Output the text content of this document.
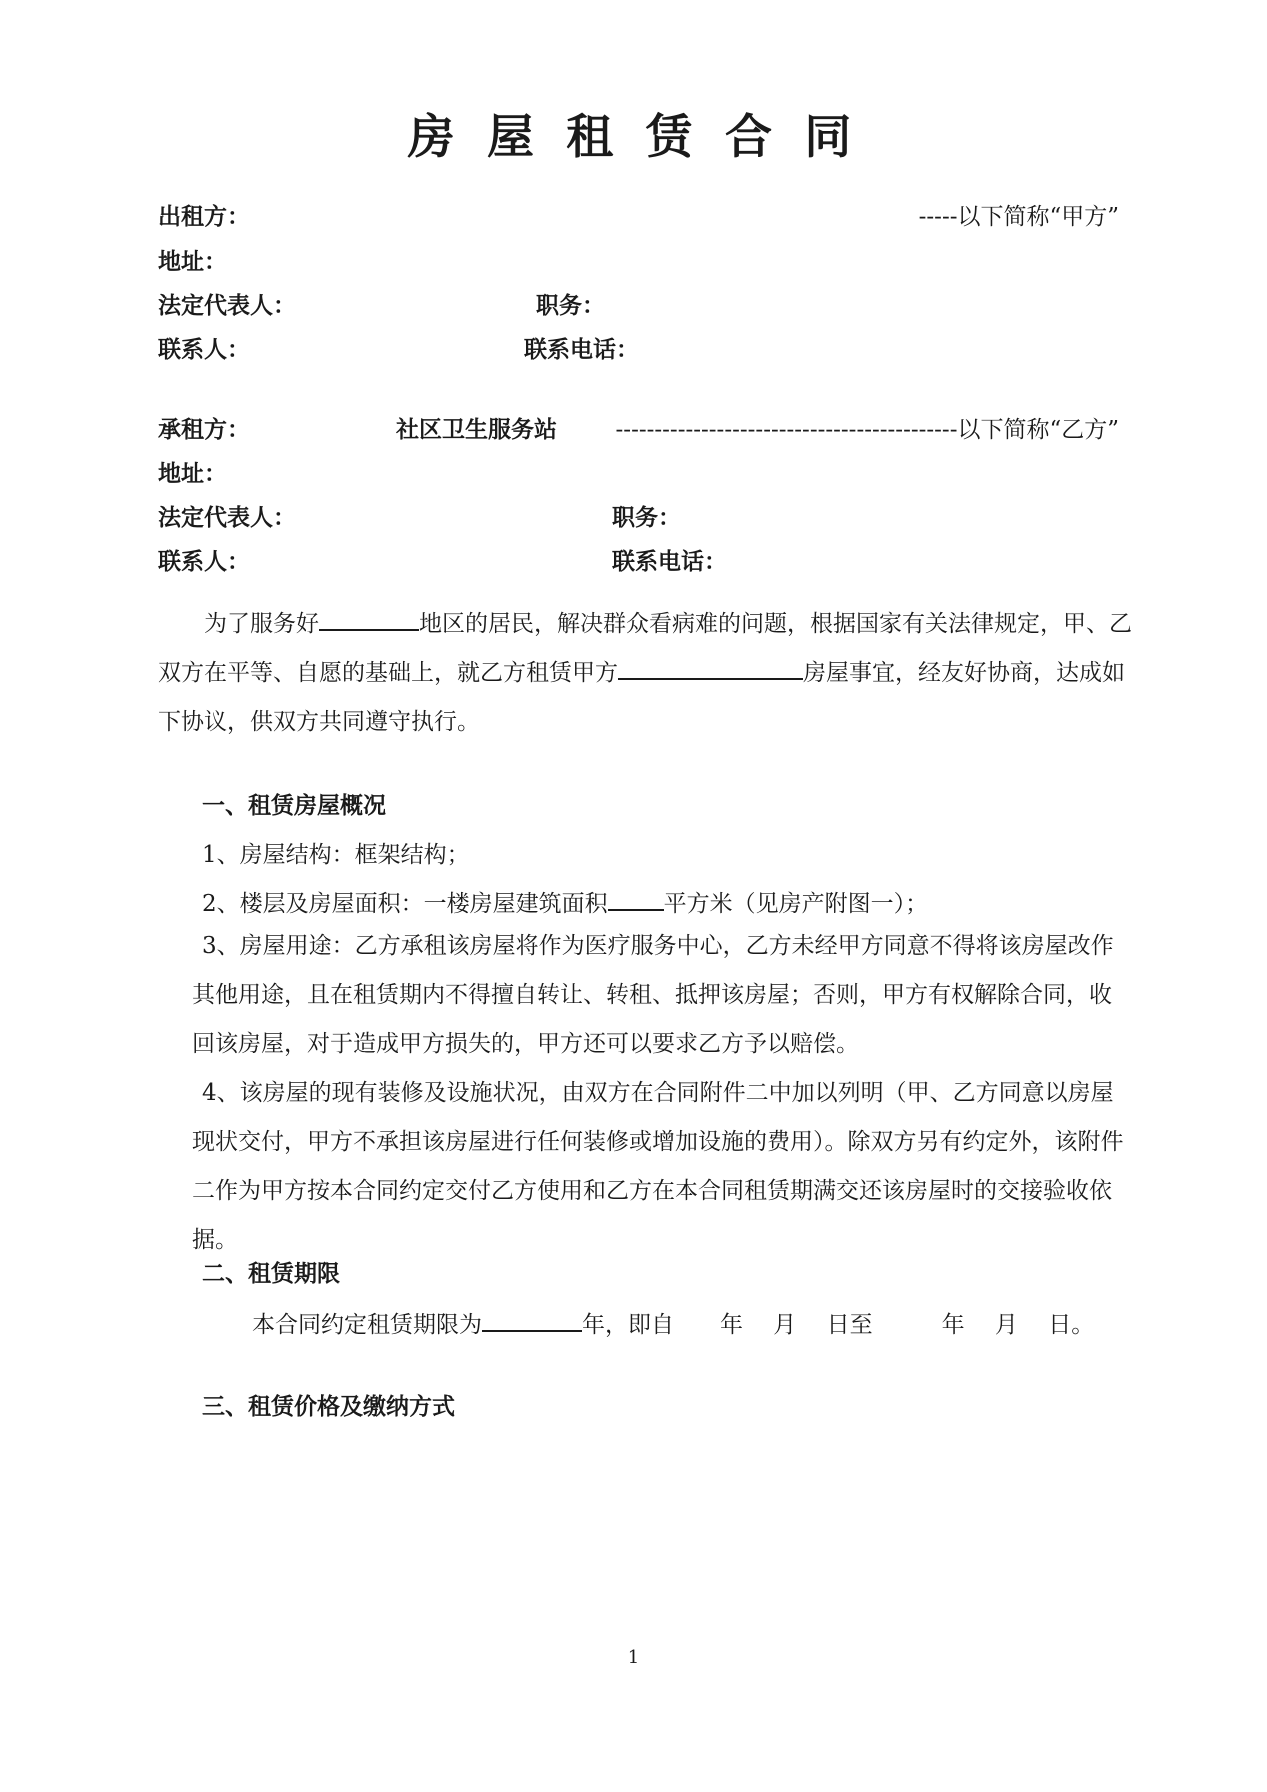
房 屋 租 赁 合 同
出租方：	-----以下简称“甲方”
地址：
法定代表人：	职务：
联系人：	联系电话：
承租方：	社区卫生服务站	--------------------------------------------以下简称“乙方”
地址：
法定代表人：	职务：
联系人：	联系电话：
为了服务好	地区的居民，解决群众看病难的问题，根据国家有关法律规定，甲、乙双方在平等、自愿的基础上，就乙方租赁甲方	房屋事宜，经友好协商，达成如下协议，供双方共同遵守执行。
一、租赁房屋概况
1、房屋结构：框架结构；
2、楼层及房屋面积：一楼房屋建筑面积 平方米（见房产附图一）；
3、房屋用途：乙方承租该房屋将作为医疗服务中心，乙方未经甲方同意不得将该房屋改作其他用途，且在租赁期内不得擅自转让、转租、抵押该房屋；否则，甲方有权解除合同，收回该房屋，对于造成甲方损失的，甲方还可以要求乙方予以赔偿。
4、该房屋的现有装修及设施状况，由双方在合同附件二中加以列明（甲、乙方同意以房屋现状交付，甲方不承担该房屋进行任何装修或增加设施的费用）。除双方另有约定外，该附件二作为甲方按本合同约定交付乙方使用和乙方在本合同租赁期满交还该房屋时的交接验收依据。
二、租赁期限
本合同约定租赁期限为	年，即自　　年　 月　 日至　　　年　 月　 日。
三、租赁价格及缴纳方式
1
